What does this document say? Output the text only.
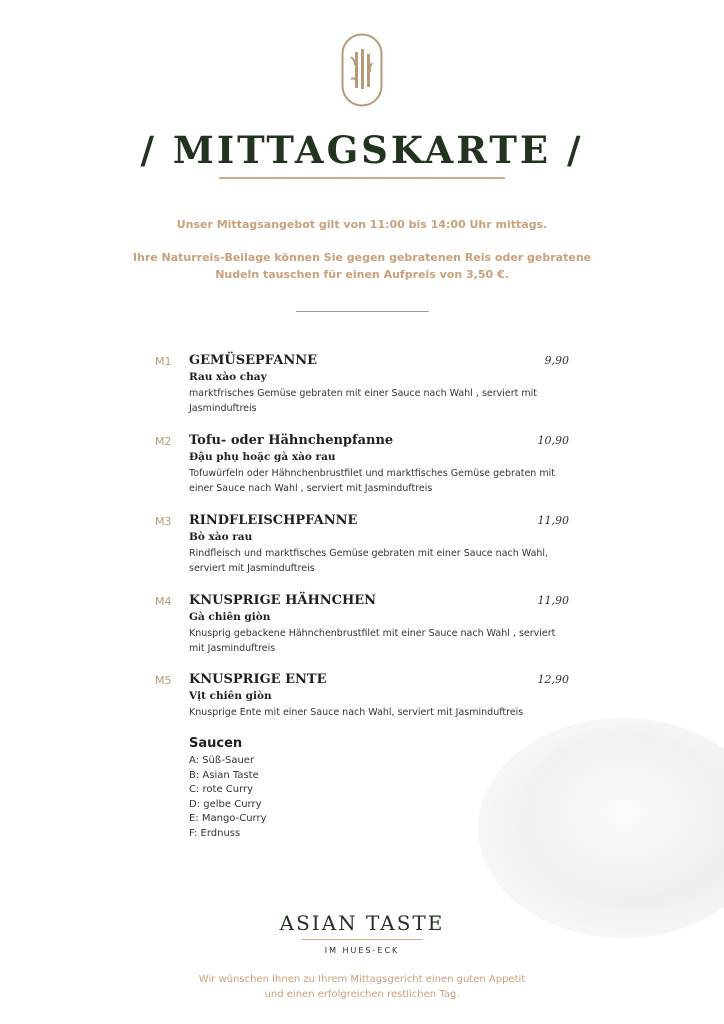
/ MITTAGSKARTE /
Unser Mittagsangebot gilt von 11:00 bis 14:00 Uhr mittags.
Ihre Naturreis-Beilage können Sie gegen gebratenen Reis oder gebratene Nudeln tauschen für einen Aufpreis von 3,50 €.
M1 GEMÜSEPFANNE	9,90
Rau xào chay
marktfrisches Gemüse gebraten mit einer Sauce nach Wahl , serviert mit Jasminduftreis
M2 Tofu- oder Hähnchenpfanne	10,90
Đậu phụ hoặc gà xào rau
Tofuwürfeln oder Hähnchenbrustfilet und marktfisches Gemüse gebraten mit einer Sauce nach Wahl , serviert mit Jasminduftreis
M3 RINDFLEISCHPFANNE	11,90
Bò xào rau
Rindfleisch und marktfisches Gemüse gebraten mit einer Sauce nach Wahl, serviert mit Jasminduftreis
M4 KNUSPRIGE HÄHNCHEN	11,90
Gà chiên giòn
Knusprig gebackene Hähnchenbrustfilet mit einer Sauce nach Wahl , serviert mit Jasminduftreis
M5 KNUSPRIGE ENTE	12,90
Vịt chiên giòn
Knusprige Ente mit einer Sauce nach Wahl, serviert mit Jasminduftreis
Saucen
A: Süß-Sauer
B: Asian Taste
C: rote Curry
D: gelbe Curry
E: Mango-Curry
F: Erdnuss
ASIAN TASTE
IM HUES-ECK
Wir wünschen Ihnen zu Ihrem Mittagsgericht einen guten Appetit
und einen erfolgreichen restlichen Tag.
